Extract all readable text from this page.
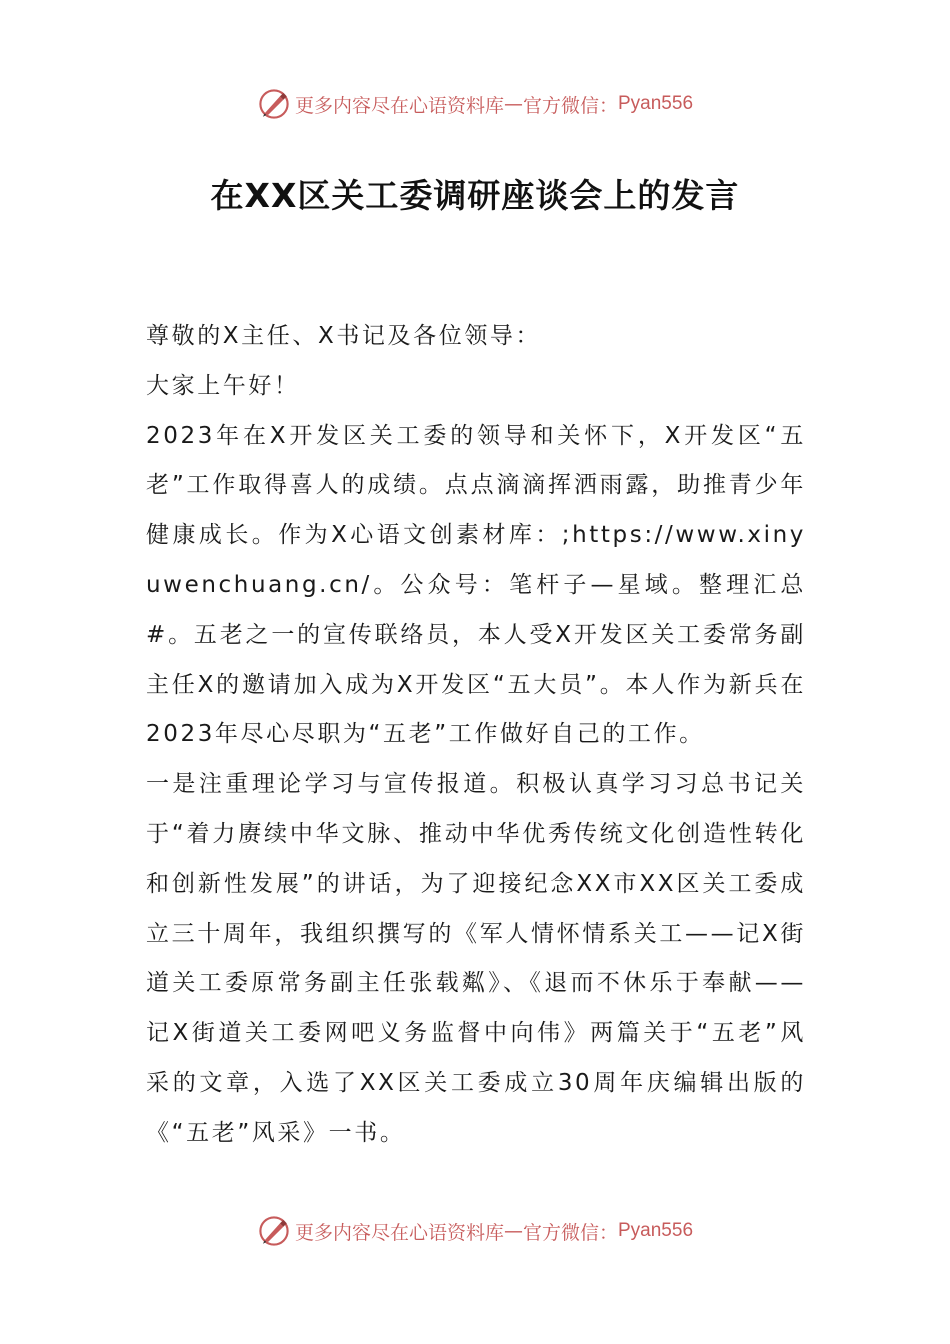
更多内容尽在心语资料库 — 官方微信： Pyan556
在XX区关工委调研座谈会上的发言

尊敬的X主任、X书记及各位领导：

大家上午好！

2023年在X开发区关工委的领导和关怀下，X开发区“五老”工作取得喜人的成绩。点点滴滴挥洒雨露，助推青少年健康成长。作为X心语文创素材库：;https://www.xinyuwenchuang.cn/。公众号：笔杆子—星域。整理汇总#。五老之一的宣传联络员，本人受X开发区关工委常务副主任X的邀请加入成为X开发区“五大员”。本人作为新兵在2023年尽心尽职为“五老”工作做好自己的工作。

一是注重理论学习与宣传报道。积极认真学习习总书记关于“着力赓续中华文脉、推动中华优秀传统文化创造性转化和创新性发展”的讲话，为了迎接纪念XX市XX区关工委成立三十周年，我组织撰写的《军人情怀情系关工——记X街道关工委原常务副主任张载粼》、《退而不休乐于奉献——记X街道关工委网吧义务监督中向伟》两篇关于“五老”风采的文章，入选了XX区关工委成立30周年庆编辑出版的《“五老”风采》一书。

更多内容尽在心语资料库 — 官方微信： Pyan556
